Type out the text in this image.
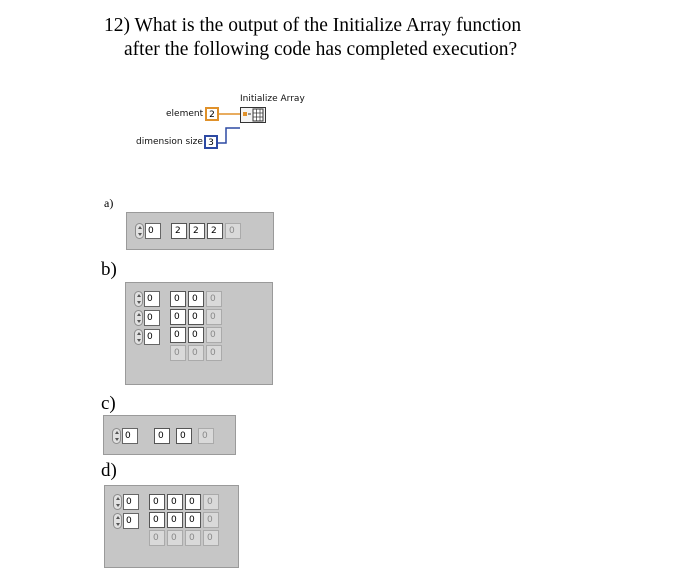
12) What is the output of the Initialize Array function
after the following code has completed execution?
Initialize Array
element 2
dimension size 3
a)
b)
c)
d)
0	2	2	2	0
0
0
0
0	0	0
0	0	0
0	0	0
0	0	0
0	0	0	0
0
0
0	0	0	0
0	0	0	0
0	0	0	0
